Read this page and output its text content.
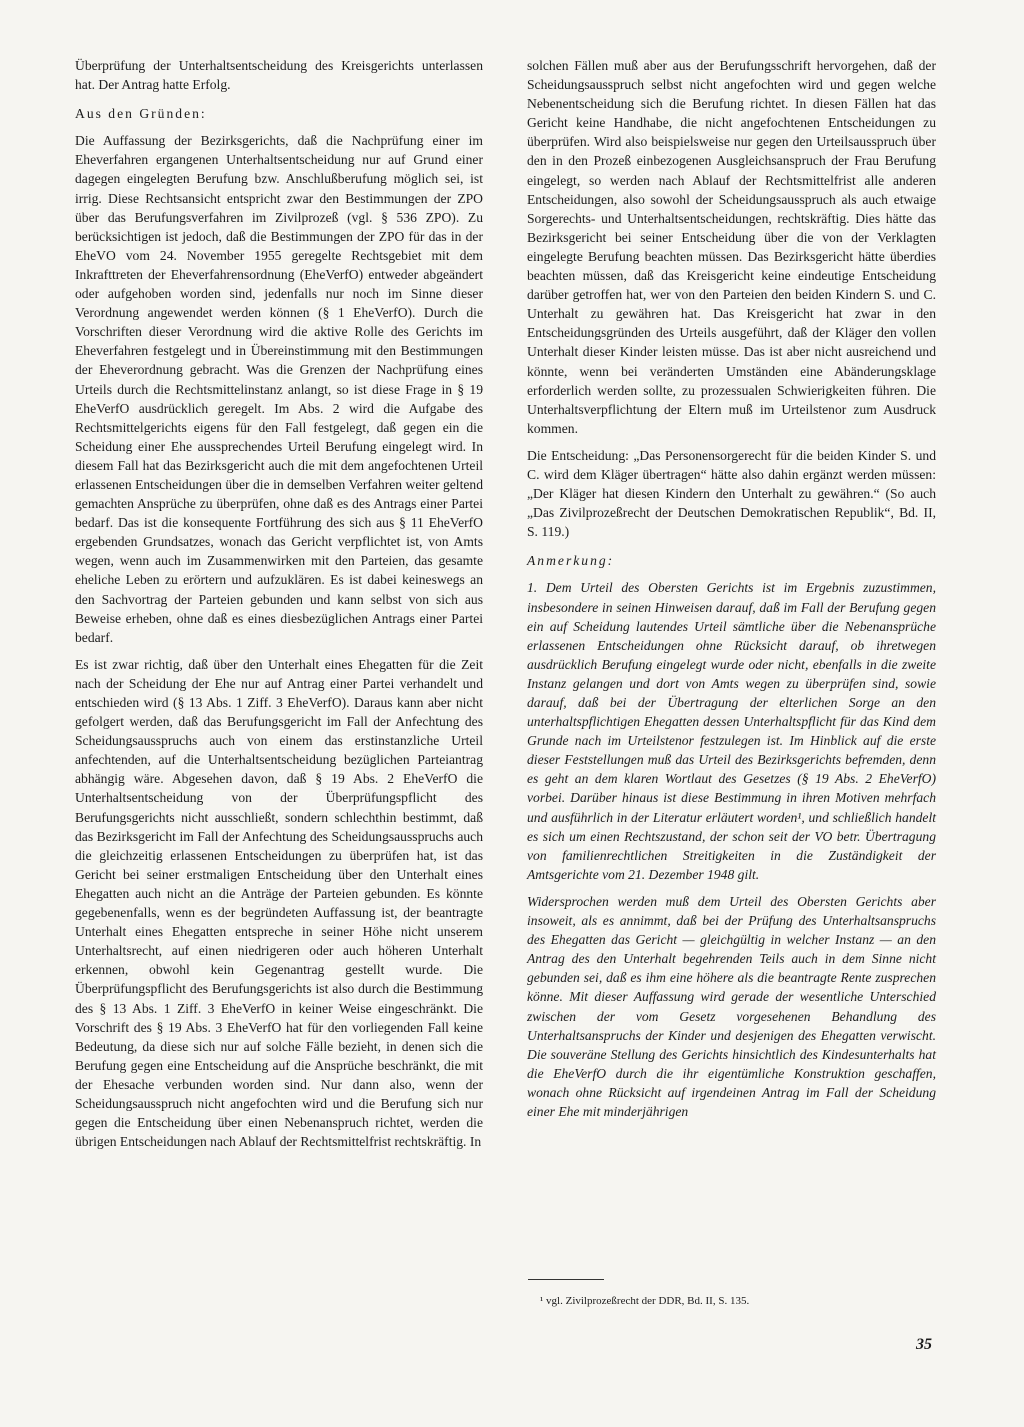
Überprüfung der Unterhaltsentscheidung des Kreisgerichts unterlassen hat. Der Antrag hatte Erfolg.

Aus den Gründen:

Die Auffassung der Bezirksgerichts, daß die Nachprüfung einer im Eheverfahren ergangenen Unterhaltsentscheidung nur auf Grund einer dagegen eingelegten Berufung bzw. Anschlußberufung möglich sei, ist irrig. Diese Rechtsansicht entspricht zwar den Bestimmungen der ZPO über das Berufungsverfahren im Zivilprozeß (vgl. § 536 ZPO). Zu berücksichtigen ist jedoch, daß die Bestimmungen der ZPO für das in der EheVO vom 24. November 1955 geregelte Rechtsgebiet mit dem Inkrafttreten der Eheverfahrensordnung (EheVerfO) entweder abgeändert oder aufgehoben worden sind, jedenfalls nur noch im Sinne dieser Verordnung angewendet werden können (§ 1 EheVerfO). Durch die Vorschriften dieser Verordnung wird die aktive Rolle des Gerichts im Eheverfahren festgelegt und in Übereinstimmung mit den Bestimmungen der Eheverordnung gebracht. Was die Grenzen der Nachprüfung eines Urteils durch die Rechtsmittelinstanz anlangt, so ist diese Frage in § 19 EheVerfO ausdrücklich geregelt. Im Abs. 2 wird die Aufgabe des Rechtsmittelgerichts eigens für den Fall festgelegt, daß gegen ein die Scheidung einer Ehe aussprechendes Urteil Berufung eingelegt wird. In diesem Fall hat das Bezirksgericht auch die mit dem angefochtenen Urteil erlassenen Entscheidungen über die in demselben Verfahren weiter geltend gemachten Ansprüche zu überprüfen, ohne daß es des Antrags einer Partei bedarf. Das ist die konsequente Fortführung des sich aus § 11 EheVerfO ergebenden Grundsatzes, wonach das Gericht verpflichtet ist, von Amts wegen, wenn auch im Zusammenwirken mit den Parteien, das gesamte eheliche Leben zu erörtern und aufzuklären. Es ist dabei keineswegs an den Sachvortrag der Parteien gebunden und kann selbst von sich aus Beweise erheben, ohne daß es eines diesbezüglichen Antrags einer Partei bedarf.

Es ist zwar richtig, daß über den Unterhalt eines Ehegatten für die Zeit nach der Scheidung der Ehe nur auf Antrag einer Partei verhandelt und entschieden wird (§ 13 Abs. 1 Ziff. 3 EheVerfO). Daraus kann aber nicht gefolgert werden, daß das Berufungsgericht im Fall der Anfechtung des Scheidungsausspruchs auch von einem das erstinstanzliche Urteil anfechtenden, auf die Unterhaltsentscheidung bezüglichen Parteiantrag abhängig wäre. Abgesehen davon, daß § 19 Abs. 2 EheVerfO die Unterhaltsentscheidung von der Überprüfungspflicht des Berufungsgerichts nicht ausschließt, sondern schlechthin bestimmt, daß das Bezirksgericht im Fall der Anfechtung des Scheidungsausspruchs auch die gleichzeitig erlassenen Entscheidungen zu überprüfen hat, ist das Gericht bei seiner erstmaligen Entscheidung über den Unterhalt eines Ehegatten auch nicht an die Anträge der Parteien gebunden. Es könnte gegebenenfalls, wenn es der begründeten Auffassung ist, der beantragte Unterhalt eines Ehegatten entspreche in seiner Höhe nicht unserem Unterhaltsrecht, auf einen niedrigeren oder auch höheren Unterhalt erkennen, obwohl kein Gegenantrag gestellt wurde. Die Überprüfungspflicht des Berufungsgerichts ist also durch die Bestimmung des § 13 Abs. 1 Ziff. 3 EheVerfO in keiner Weise eingeschränkt. Die Vorschrift des § 19 Abs. 3 EheVerfO hat für den vorliegenden Fall keine Bedeutung, da diese sich nur auf solche Fälle bezieht, in denen sich die Berufung gegen eine Entscheidung auf die Ansprüche beschränkt, die mit der Ehesache verbunden worden sind. Nur dann also, wenn der Scheidungsausspruch nicht angefochten wird und die Berufung sich nur gegen die Entscheidung über einen Nebenanspruch richtet, werden die übrigen Entscheidungen nach Ablauf der Rechtsmittelfrist rechtskräftig. In

solchen Fällen muß aber aus der Berufungsschrift hervorgehen, daß der Scheidungsausspruch selbst nicht angefochten wird und gegen welche Nebenentscheidung sich die Berufung richtet. In diesen Fällen hat das Gericht keine Handhabe, die nicht angefochtenen Entscheidungen zu überprüfen. Wird also beispielsweise nur gegen den Urteilsausspruch über den in den Prozeß einbezogenen Ausgleichsanspruch der Frau Berufung eingelegt, so werden nach Ablauf der Rechtsmittelfrist alle anderen Entscheidungen, also sowohl der Scheidungsausspruch als auch etwaige Sorgerechts- und Unterhaltsentscheidungen, rechtskräftig. Dies hätte das Bezirksgericht bei seiner Entscheidung über die von der Verklagten eingelegte Berufung beachten müssen. Das Bezirksgericht hätte überdies beachten müssen, daß das Kreisgericht keine eindeutige Entscheidung darüber getroffen hat, wer von den Parteien den beiden Kindern S. und C. Unterhalt zu gewähren hat. Das Kreisgericht hat zwar in den Entscheidungsgründen des Urteils ausgeführt, daß der Kläger den vollen Unterhalt dieser Kinder leisten müsse. Das ist aber nicht ausreichend und könnte, wenn bei veränderten Umständen eine Abänderungsklage erforderlich werden sollte, zu prozessualen Schwierigkeiten führen. Die Unterhaltsverpflichtung der Eltern muß im Urteilstenor zum Ausdruck kommen.

Die Entscheidung: „Das Personensorgerecht für die beiden Kinder S. und C. wird dem Kläger übertragen“ hätte also dahin ergänzt werden müssen: „Der Kläger hat diesen Kindern den Unterhalt zu gewähren.“ (So auch „Das Zivilprozeßrecht der Deutschen Demokratischen Republik“, Bd. II, S. 119.)

Anmerkung:

1. Dem Urteil des Obersten Gerichts ist im Ergebnis zuzustimmen, insbesondere in seinen Hinweisen darauf, daß im Fall der Berufung gegen ein auf Scheidung lautendes Urteil sämtliche über die Nebenansprüche erlassenen Entscheidungen ohne Rücksicht darauf, ob ihretwegen ausdrücklich Berufung eingelegt wurde oder nicht, ebenfalls in die zweite Instanz gelangen und dort von Amts wegen zu überprüfen sind, sowie darauf, daß bei der Übertragung der elterlichen Sorge an den unterhaltspflichtigen Ehegatten dessen Unterhaltspflicht für das Kind dem Grunde nach im Urteilstenor festzulegen ist. Im Hinblick auf die erste dieser Feststellungen muß das Urteil des Bezirksgerichts befremden, denn es geht an dem klaren Wortlaut des Gesetzes (§ 19 Abs. 2 EheVerfO) vorbei. Darüber hinaus ist diese Bestimmung in ihren Motiven mehrfach und ausführlich in der Literatur erläutert worden¹, und schließlich handelt es sich um einen Rechtszustand, der schon seit der VO betr. Übertragung von familienrechtlichen Streitigkeiten in die Zuständigkeit der Amtsgerichte vom 21. Dezember 1948 gilt.

Widersprochen werden muß dem Urteil des Obersten Gerichts aber insoweit, als es annimmt, daß bei der Prüfung des Unterhaltsanspruchs des Ehegatten das Gericht — gleichgültig in welcher Instanz — an den Antrag des den Unterhalt begehrenden Teils auch in dem Sinne nicht gebunden sei, daß es ihm eine höhere als die beantragte Rente zusprechen könne. Mit dieser Auffassung wird gerade der wesentliche Unterschied zwischen der vom Gesetz vorgesehenen Behandlung des Unterhaltsanspruchs der Kinder und desjenigen des Ehegatten verwischt. Die souveräne Stellung des Gerichts hinsichtlich des Kindesunterhalts hat die EheVerfO durch die ihr eigentümliche Konstruktion geschaffen, wonach ohne Rücksicht auf irgendeinen Antrag im Fall der Scheidung einer Ehe mit minderjährigen

¹ vgl. Zivilprozeßrecht der DDR, Bd. II, S. 135.
35
